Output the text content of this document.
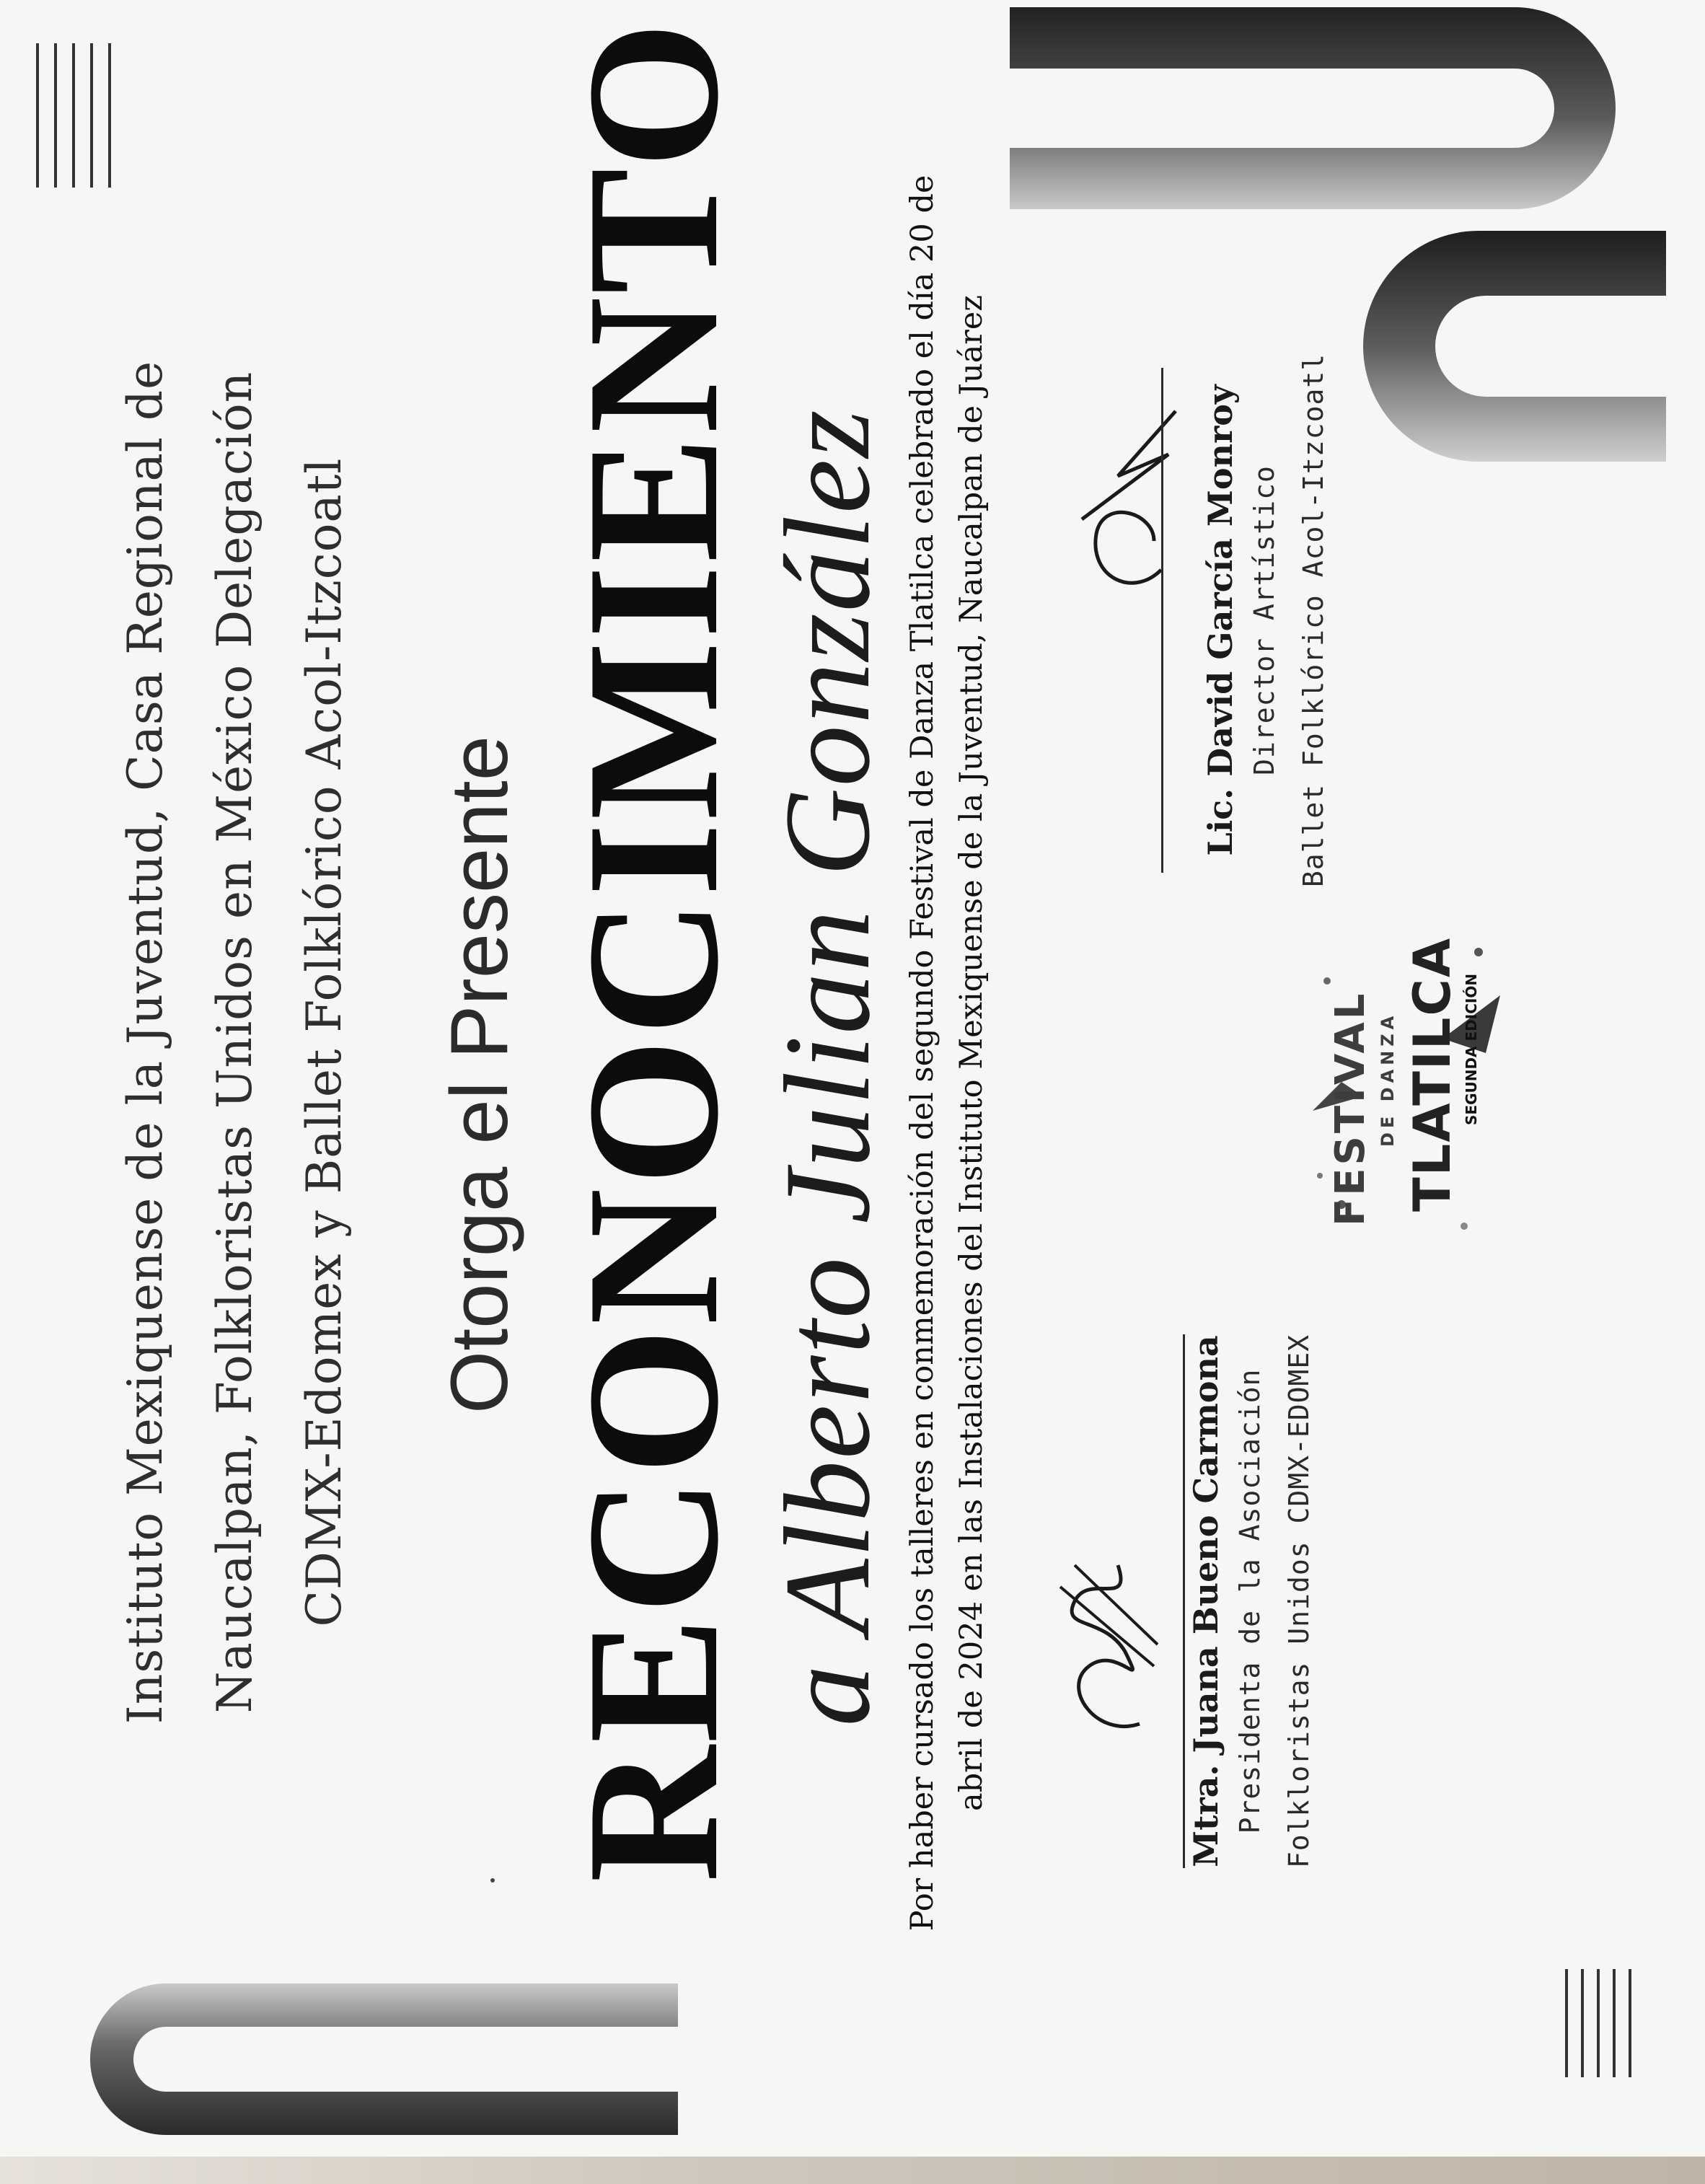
Instituto Mexiquense de la Juventud, Casa Regional de Naucalpan, Folkloristas Unidos en México Delegación CDMX-Edomex y Ballet Folklórico Acol-Itzcoatl Otorga el Presente RECONOCIMIENTO a Alberto Julian González Por haber cursado los talleres en conmemoración del segundo Festival de Danza Tlatilca celebrado el día 20 de abril de 2024 en las Instalaciones del Instituto Mexiquense de la Juventud, Naucalpan de Juárez	Mtra. Juana Bueno Carmona Presidenta de la Asociación Folkloristas Unidos CDMX-EDOMEX
FESTIVAL DE DANZA TLATILCA SEGUNDA EDICIÓN
Lic. David García Monroy Director Artístico Ballet Folklórico Acol-Itzcoatl
